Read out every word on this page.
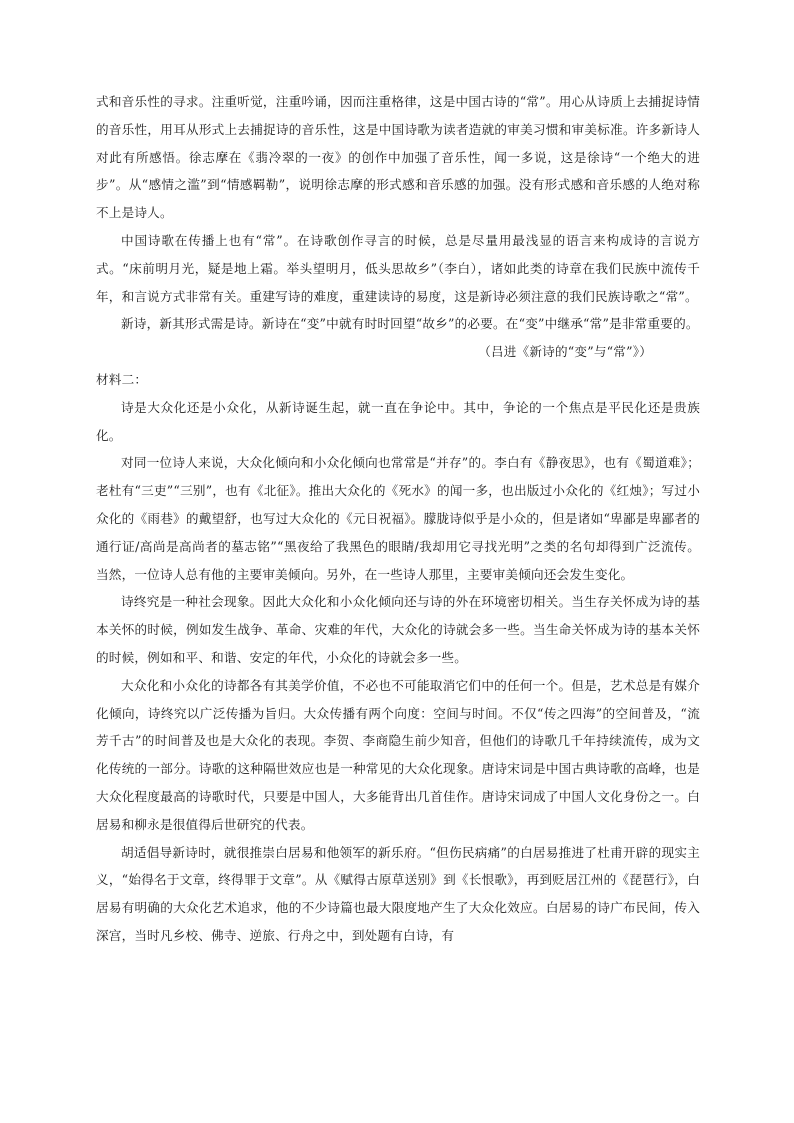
式和音乐性的寻求。注重听觉，注重吟诵，因而注重格律，这是中国古诗的“常”。用心从诗质上去捕捉诗情的音乐性，用耳从形式上去捕捉诗的音乐性，这是中国诗歌为读者造就的审美习惯和审美标准。许多新诗人对此有所感悟。徐志摩在《翡冷翠的一夜》的创作中加强了音乐性，闻一多说，这是徐诗“一个绝大的进步”。从“感情之滥”到“情感羁勒”，说明徐志摩的形式感和音乐感的加强。没有形式感和音乐感的人绝对称不上是诗人。

中国诗歌在传播上也有“常”。在诗歌创作寻言的时候，总是尽量用最浅显的语言来构成诗的言说方式。“床前明月光，疑是地上霜。举头望明月，低头思故乡”（李白），诸如此类的诗章在我们民族中流传千年，和言说方式非常有关。重建写诗的难度，重建读诗的易度，这是新诗必须注意的我们民族诗歌之“常”。

新诗，新其形式需是诗。新诗在“变”中就有时时回望“故乡”的必要。在“变”中继承“常”是非常重要的。

（吕进《新诗的“变”与“常”》）

材料二：

诗是大众化还是小众化，从新诗诞生起，就一直在争论中。其中，争论的一个焦点是平民化还是贵族化。

对同一位诗人来说，大众化倾向和小众化倾向也常常是“并存”的。李白有《静夜思》，也有《蜀道难》；老杜有“三吏”“三别”，也有《北征》。推出大众化的《死水》的闻一多，也出版过小众化的《红烛》；写过小众化的《雨巷》的戴望舒，也写过大众化的《元日祝福》。朦胧诗似乎是小众的，但是诸如“卑鄙是卑鄙者的通行证/高尚是高尚者的墓志铭”“黑夜给了我黑色的眼睛/我却用它寻找光明”之类的名句却得到广泛流传。当然，一位诗人总有他的主要审美倾向。另外，在一些诗人那里，主要审美倾向还会发生变化。

诗终究是一种社会现象。因此大众化和小众化倾向还与诗的外在环境密切相关。当生存关怀成为诗的基本关怀的时候，例如发生战争、革命、灾难的年代，大众化的诗就会多一些。当生命关怀成为诗的基本关怀的时候，例如和平、和谐、安定的年代，小众化的诗就会多一些。

大众化和小众化的诗都各有其美学价值，不必也不可能取消它们中的任何一个。但是，艺术总是有媒介化倾向，诗终究以广泛传播为旨归。大众传播有两个向度：空间与时间。不仅“传之四海”的空间普及，“流芳千古”的时间普及也是大众化的表现。李贺、李商隐生前少知音，但他们的诗歌几千年持续流传，成为文化传统的一部分。诗歌的这种隔世效应也是一种常见的大众化现象。唐诗宋词是中国古典诗歌的高峰，也是大众化程度最高的诗歌时代，只要是中国人，大多能背出几首佳作。唐诗宋词成了中国人文化身份之一。白居易和柳永是很值得后世研究的代表。

胡适倡导新诗时，就很推崇白居易和他领军的新乐府。“但伤民病痛”的白居易推进了杜甫开辟的现实主义，“始得名于文章，终得罪于文章”。从《赋得古原草送别》到《长恨歌》，再到贬居江州的《琵琶行》，白居易有明确的大众化艺术追求，他的不少诗篇也最大限度地产生了大众化效应。白居易的诗广布民间，传入深宫，当时凡乡校、佛寺、逆旅、行舟之中，到处题有白诗，有
